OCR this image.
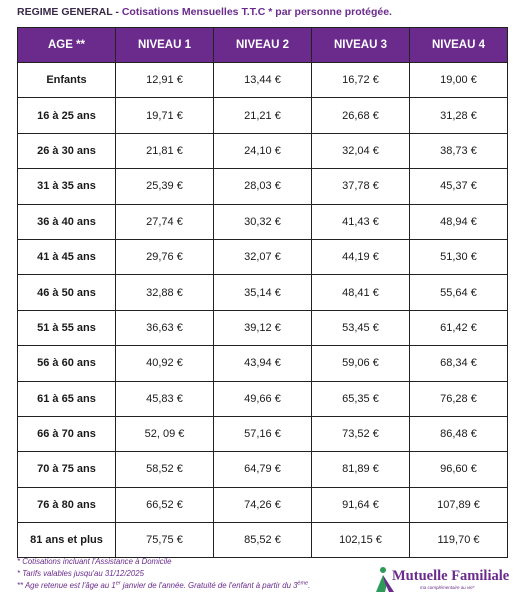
REGIME GENERAL - Cotisations Mensuelles T.T.C * par personne protégée.
AGE **	NIVEAU 1	NIVEAU 2	NIVEAU 3	NIVEAU 4
Enfants	12,91 €	13,44 €	16,72 €	19,00 €
16 à 25 ans	19,71 €	21,21 €	26,68 €	31,28 €
26 à 30 ans	21,81 €	24,10 €	32,04 €	38,73 €
31 à 35 ans	25,39 €	28,03 €	37,78 €	45,37 €
36 à 40 ans	27,74 €	30,32 €	41,43 €	48,94 €
41 à 45 ans	29,76 €	32,07 €	44,19 €	51,30 €
46 à 50 ans	32,88 €	35,14 €	48,41 €	55,64 €
51 à 55 ans	36,63 €	39,12 €	53,45 €	61,42 €
56 à 60 ans	40,92 €	43,94 €	59,06 €	68,34 €
61 à 65 ans	45,83 €	49,66 €	65,35 €	76,28 €
66 à 70 ans	52, 09 €	57,16 €	73,52 €	86,48 €
70 à 75 ans	58,52 €	64,79 €	81,89 €	96,60 €
76 à 80 ans	66,52 €	74,26 €	91,64 €	107,89 €
81 ans et plus	75,75 €	85,52 €	102,15 €	119,70 €
* Cotisations incluant l'Assistance à Domicile
* Tarifs valables jusqu'au 31/12/2025
** Age retenue est l'âge au 1er janvier de l'année. Gratuité de l'enfant à partir du 3ème.
Mutuelle Familiale
ma complémentaire au vie*
